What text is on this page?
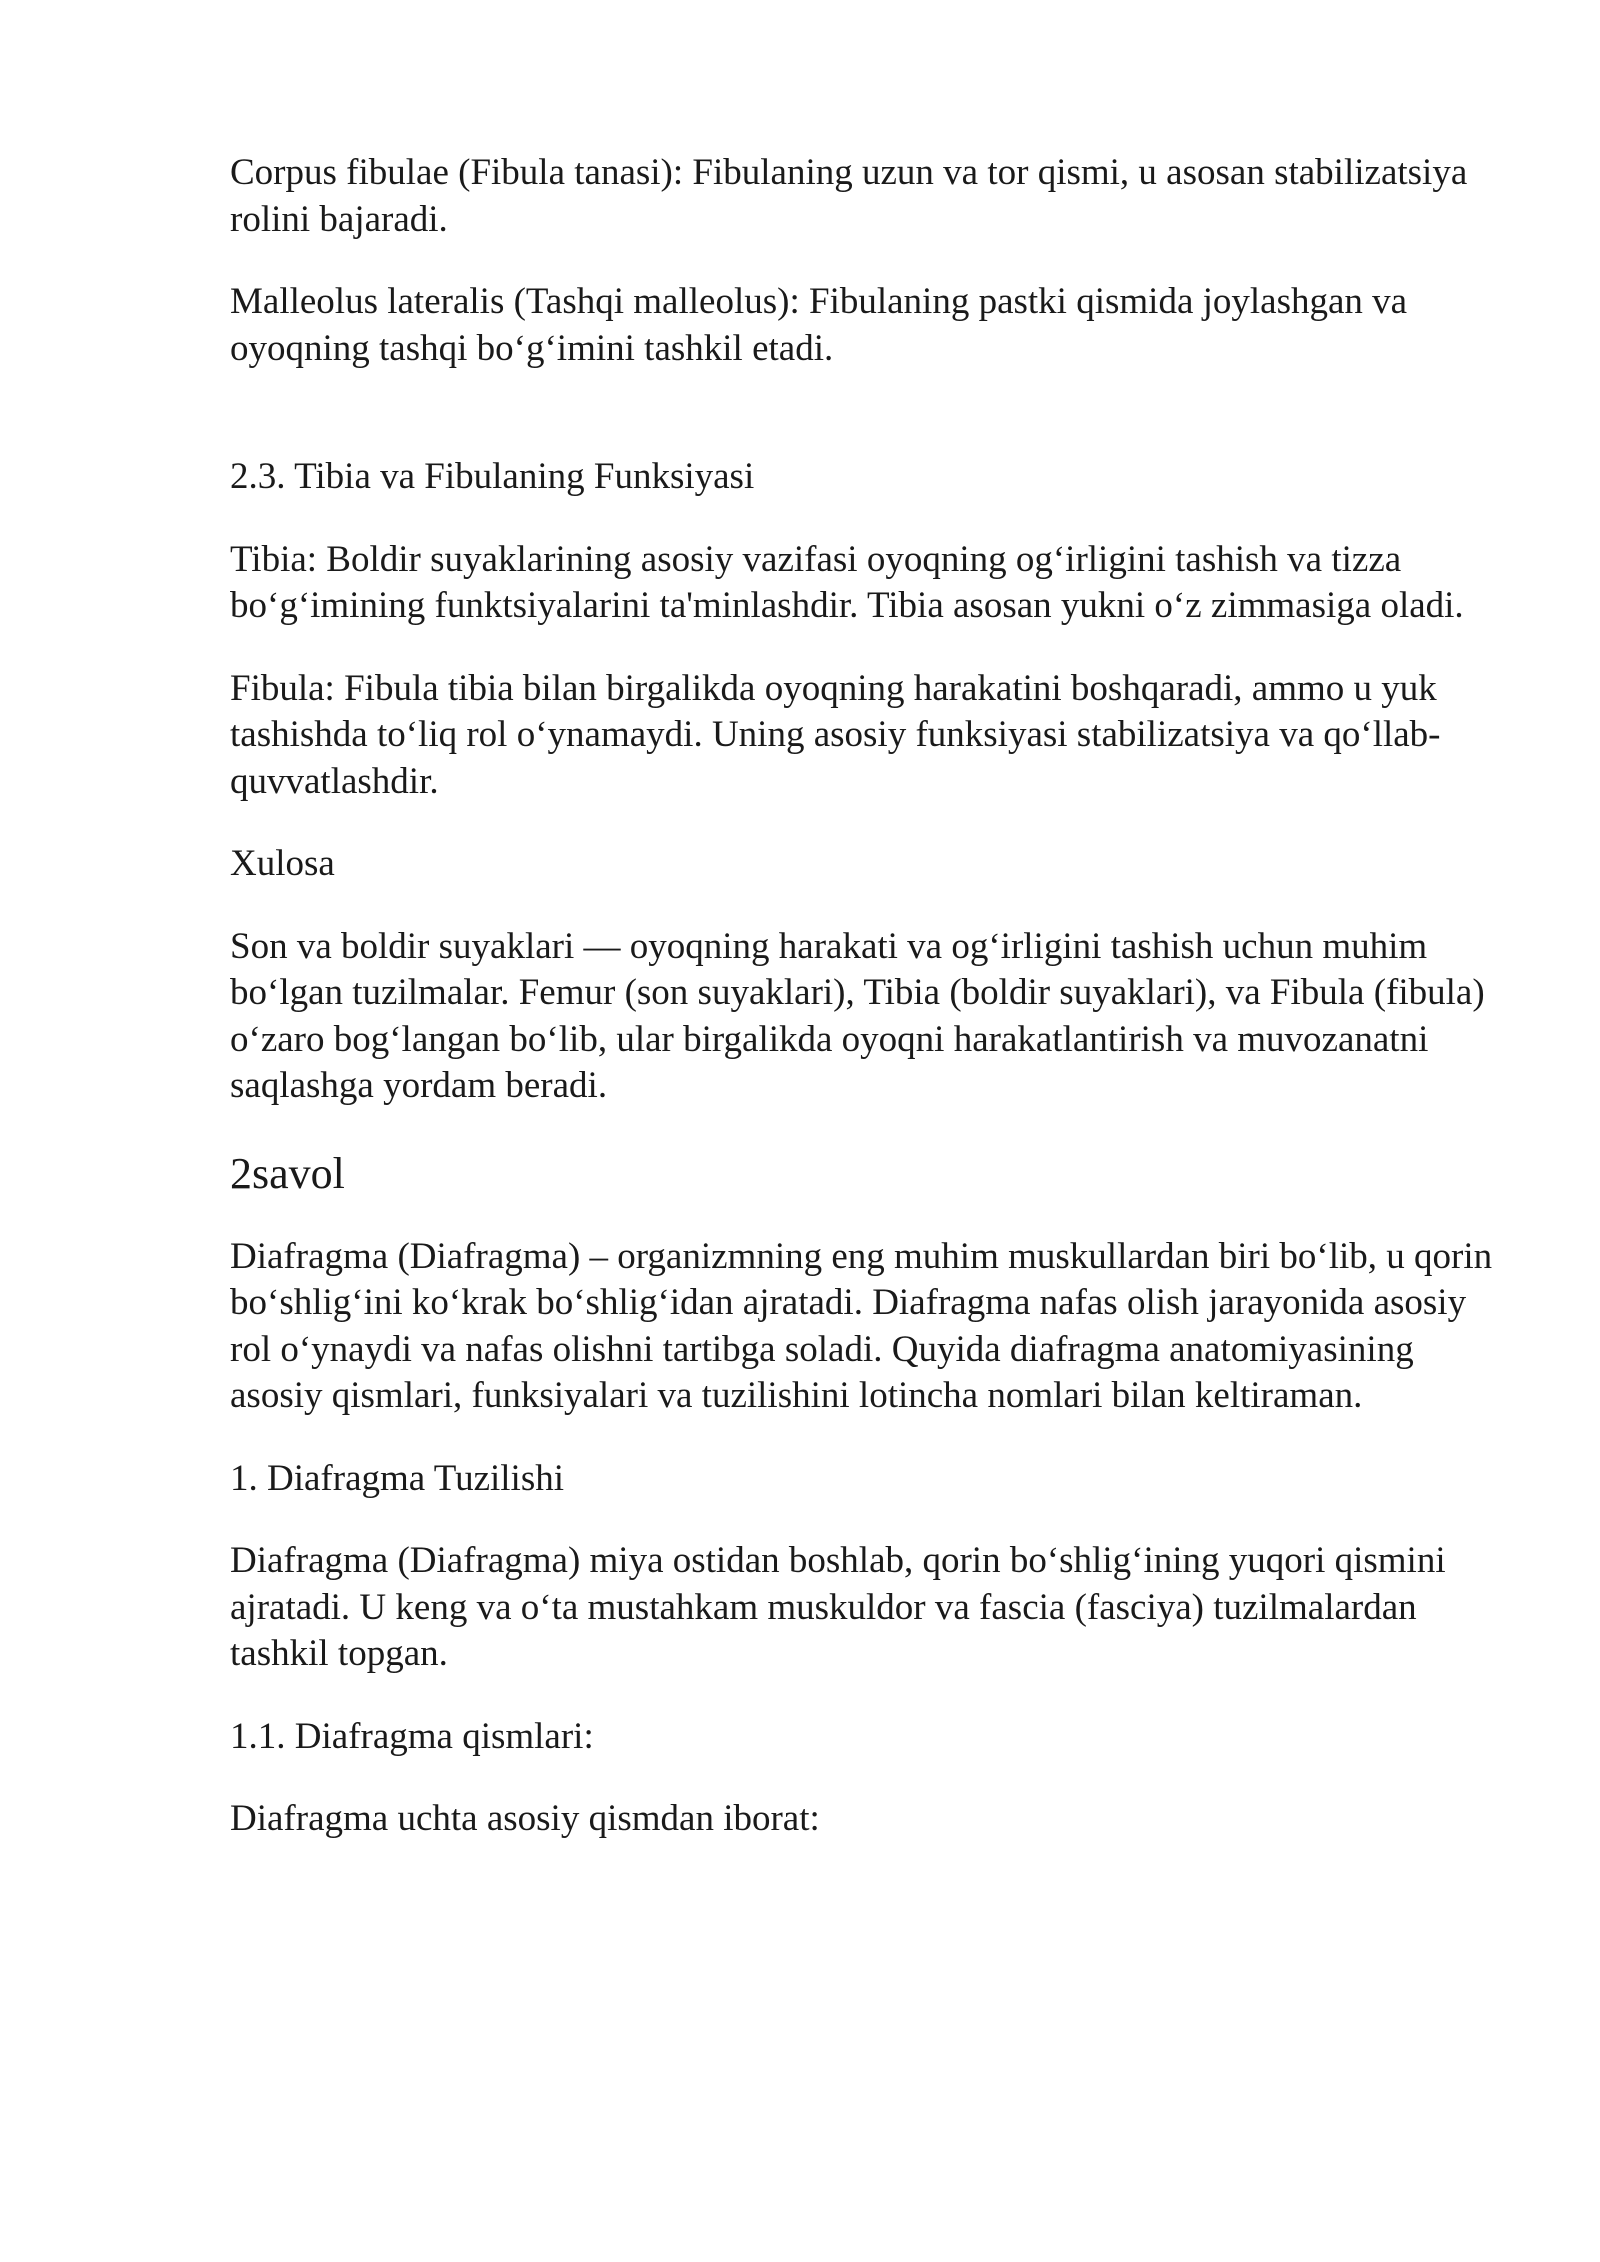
Corpus fibulae (Fibula tanasi): Fibulaning uzun va tor qismi, u asosan stabilizatsiya rolini bajaradi.

Malleolus lateralis (Tashqi malleolus): Fibulaning pastki qismida joylashgan va oyoqning tashqi bo‘g‘imini tashkil etadi.

2.3. Tibia va Fibulaning Funksiyasi

Tibia: Boldir suyaklarining asosiy vazifasi oyoqning og‘irligini tashish va tizza bo‘g‘imining funktsiyalarini ta'minlashdir. Tibia asosan yukni o‘z zimmasiga oladi.

Fibula: Fibula tibia bilan birgalikda oyoqning harakatini boshqaradi, ammo u yuk tashishda to‘liq rol o‘ynamaydi. Uning asosiy funksiyasi stabilizatsiya va qo‘llab-quvvatlashdir.

Xulosa

Son va boldir suyaklari — oyoqning harakati va og‘irligini tashish uchun muhim bo‘lgan tuzilmalar. Femur (son suyaklari), Tibia (boldir suyaklari), va Fibula (fibula) o‘zaro bog‘langan bo‘lib, ular birgalikda oyoqni harakatlantirish va muvozanatni saqlashga yordam beradi.

2savol

Diafragma (Diafragma) – organizmning eng muhim muskullardan biri bo‘lib, u qorin bo‘shlig‘ini ko‘krak bo‘shlig‘idan ajratadi. Diafragma nafas olish jarayonida asosiy rol o‘ynaydi va nafas olishni tartibga soladi. Quyida diafragma anatomiyasining asosiy qismlari, funksiyalari va tuzilishini lotincha nomlari bilan keltiraman.

1. Diafragma Tuzilishi

Diafragma (Diafragma) miya ostidan boshlab, qorin bo‘shlig‘ining yuqori qismini ajratadi. U keng va o‘ta mustahkam muskuldor va fascia (fasciya) tuzilmalardan tashkil topgan.

1.1. Diafragma qismlari:

Diafragma uchta asosiy qismdan iborat:
